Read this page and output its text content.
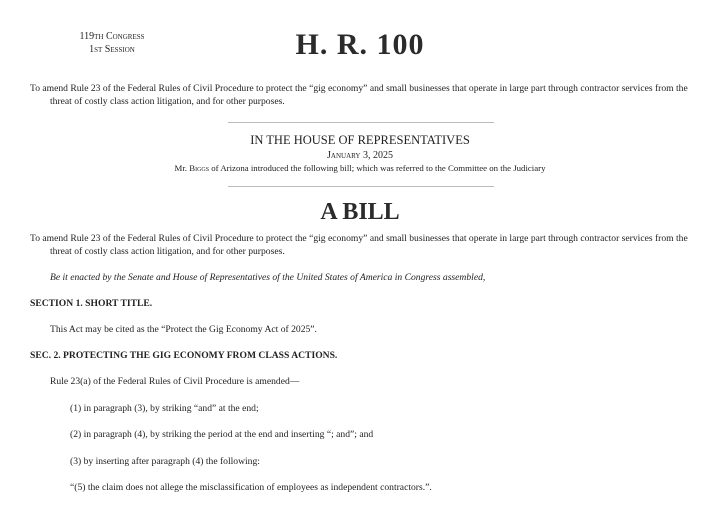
119th Congress
1st Session	H. R. 100
To amend Rule 23 of the Federal Rules of Civil Procedure to protect the “gig economy” and small businesses that operate in large part through contractor services from the threat of costly class action litigation, and for other purposes.
IN THE HOUSE OF REPRESENTATIVES
January 3, 2025
Mr. Biggs of Arizona introduced the following bill; which was referred to the Committee on the Judiciary
A BILL
To amend Rule 23 of the Federal Rules of Civil Procedure to protect the “gig economy” and small businesses that operate in large part through contractor services from the threat of costly class action litigation, and for other purposes.
Be it enacted by the Senate and House of Representatives of the United States of America in Congress assembled,
SECTION 1. SHORT TITLE.
This Act may be cited as the “Protect the Gig Economy Act of 2025”.
SEC. 2. PROTECTING THE GIG ECONOMY FROM CLASS ACTIONS.
Rule 23(a) of the Federal Rules of Civil Procedure is amended—
(1) in paragraph (3), by striking “and” at the end;
(2) in paragraph (4), by striking the period at the end and inserting “; and”; and
(3) by inserting after paragraph (4) the following:
“(5) the claim does not allege the misclassification of employees as independent contractors.”.
